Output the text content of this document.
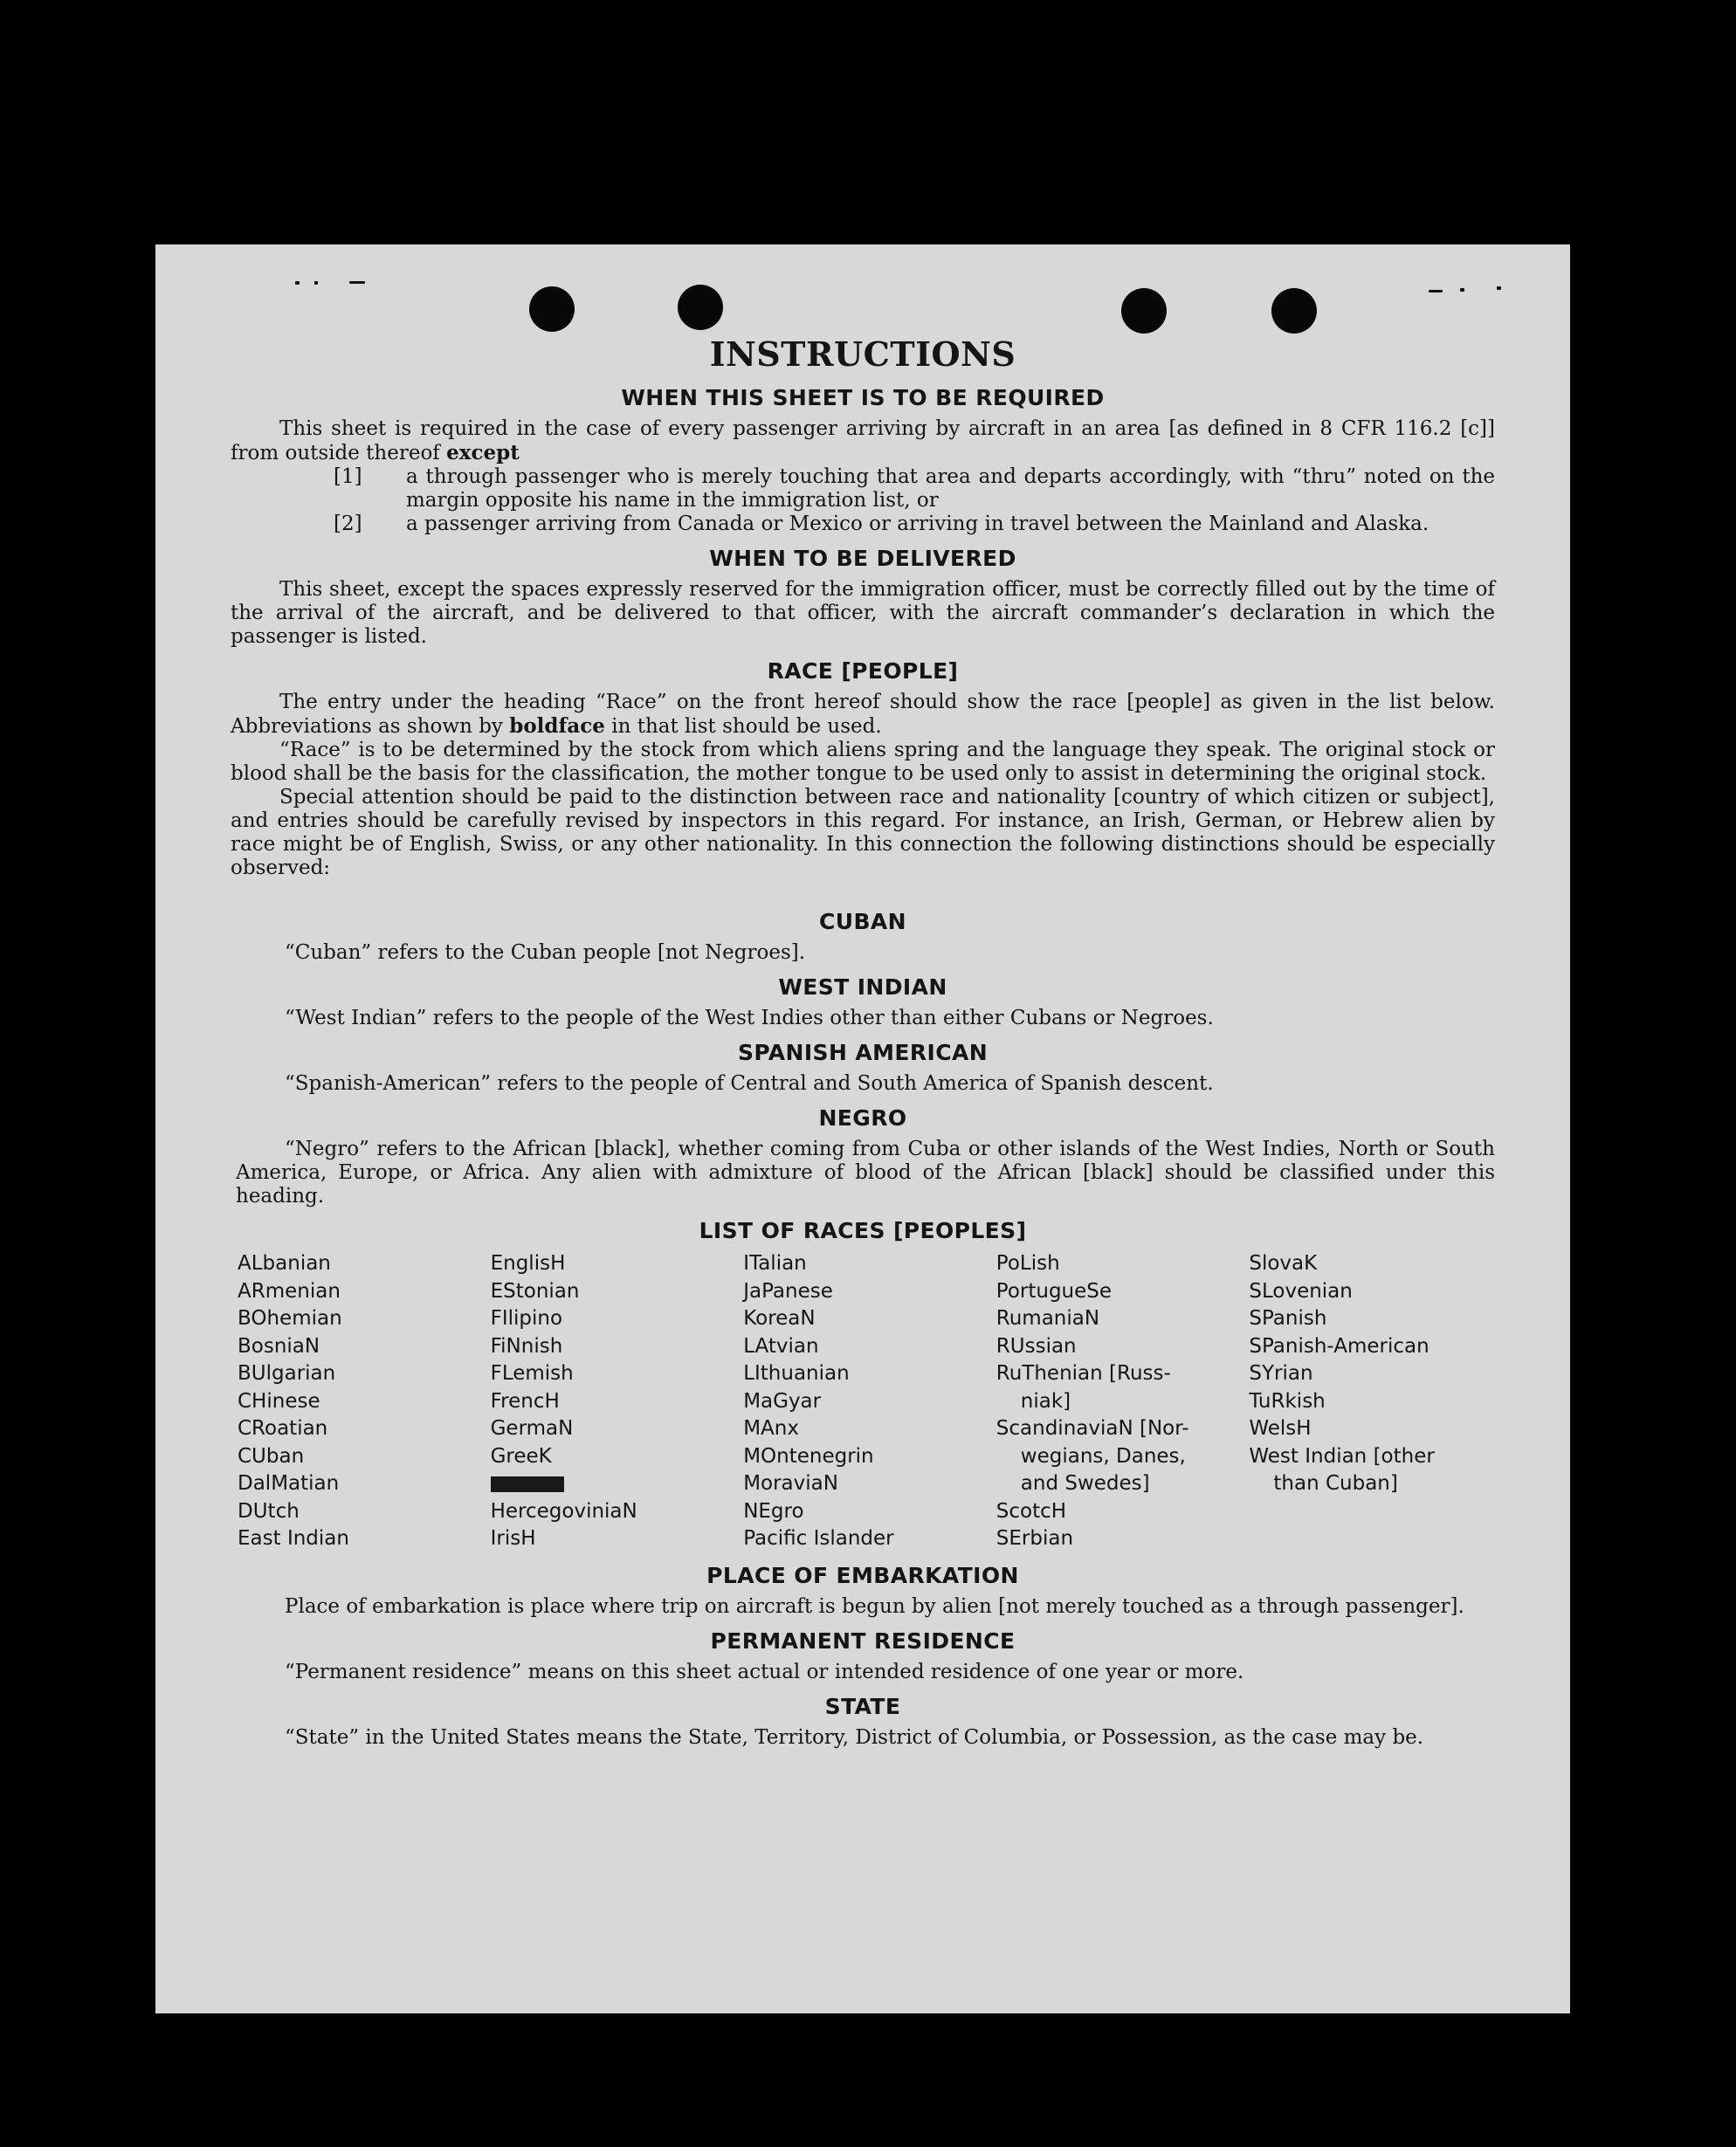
INSTRUCTIONS
WHEN THIS SHEET IS TO BE REQUIRED

This sheet is required in the case of every passenger arriving by aircraft in an area [as defined in 8 CFR 116.2 [c]] from outside thereof except

[1] a through passenger who is merely touching that area and departs accordingly, with “thru” noted on the margin opposite his name in the immigration list, or
[2] a passenger arriving from Canada or Mexico or arriving in travel between the Mainland and Alaska.
WHEN TO BE DELIVERED

This sheet, except the spaces expressly reserved for the immigration officer, must be correctly filled out by the time of the arrival of the aircraft, and be delivered to that officer, with the aircraft commander’s declaration in which the passenger is listed.

RACE [PEOPLE]

The entry under the heading “Race” on the front hereof should show the race [people] as given in the list below. Abbreviations as shown by boldface in that list should be used.

“Race” is to be determined by the stock from which aliens spring and the language they speak. The original stock or blood shall be the basis for the classification, the mother tongue to be used only to assist in determining the original stock.

Special attention should be paid to the distinction between race and nationality [country of which citizen or subject], and entries should be carefully revised by inspectors in this regard. For instance, an Irish, German, or Hebrew alien by race might be of English, Swiss, or any other nationality. In this connection the following distinctions should be especially observed:

CUBAN

“Cuban” refers to the Cuban people [not Negroes].

WEST INDIAN

“West Indian” refers to the people of the West Indies other than either Cubans or Negroes.

SPANISH AMERICAN

“Spanish-American” refers to the people of Central and South America of Spanish descent.

NEGRO

“Negro” refers to the African [black], whether coming from Cuba or other islands of the West Indies, North or South America, Europe, or Africa. Any alien with admixture of blood of the African [black] should be classified under this heading.

LIST OF RACES [PEOPLES]
ALbanian
ARmenian
BOhemian
BosniaN
BUlgarian
CHinese
CRoatian
CUban
DalMatian
DUtch
East Indian
EnglisH
EStonian
FIlipino
FiNnish
FLemish
FrencH
GermaN
GreeK
HercegoviniaN
IrisH
ITalian
JaPanese
KoreaN
LAtvian
LIthuanian
MaGyar
MAnx
MOntenegrin
MoraviaN
NEgro
Pacific Islander
PoLish
PortugueSe
RumaniaN
RUssian
RuThenian [Russ-
niak]
ScandinaviaN [Nor-
wegians, Danes,
and Swedes]
ScotcH
SErbian
SlovaK
SLovenian
SPanish
SPanish-American
SYrian
TuRkish
WelsH
West Indian [other
than Cuban]
PLACE OF EMBARKATION

Place of embarkation is place where trip on aircraft is begun by alien [not merely touched as a through passenger].

PERMANENT RESIDENCE

“Permanent residence” means on this sheet actual or intended residence of one year or more.

STATE

“State” in the United States means the State, Territory, District of Columbia, or Possession, as the case may be.
